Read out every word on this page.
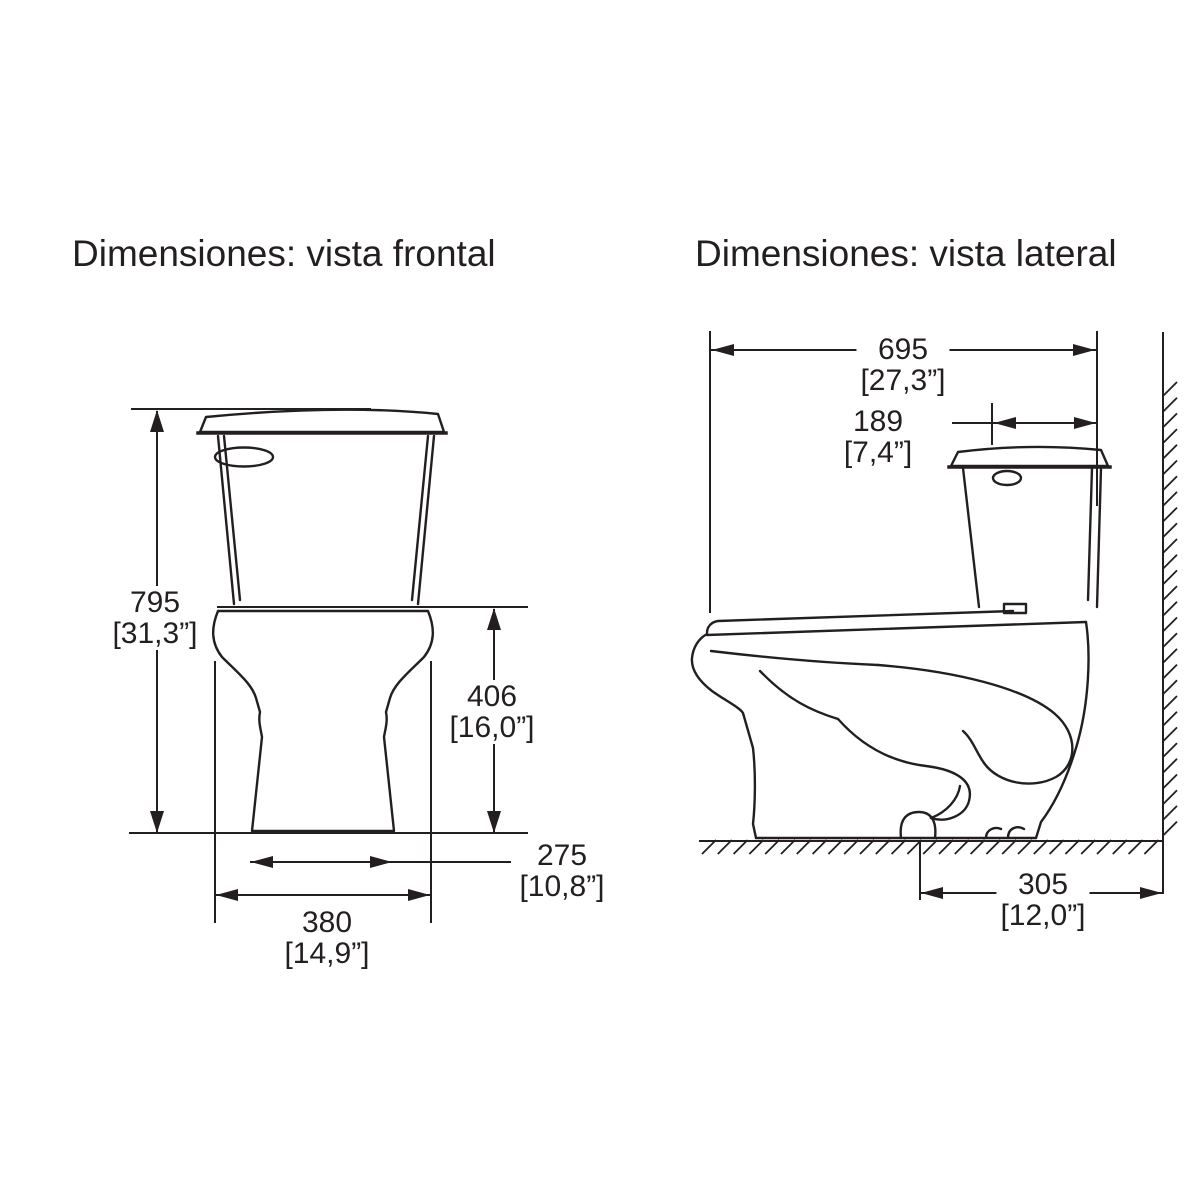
Dimensiones: vista frontal	Dimensiones: vista lateral
795
[31,3”]
406
[16,0”]
275
[10,8”]
380
[14,9”]
695
[27,3”]
189
[7,4”]
305
[12,0”]
